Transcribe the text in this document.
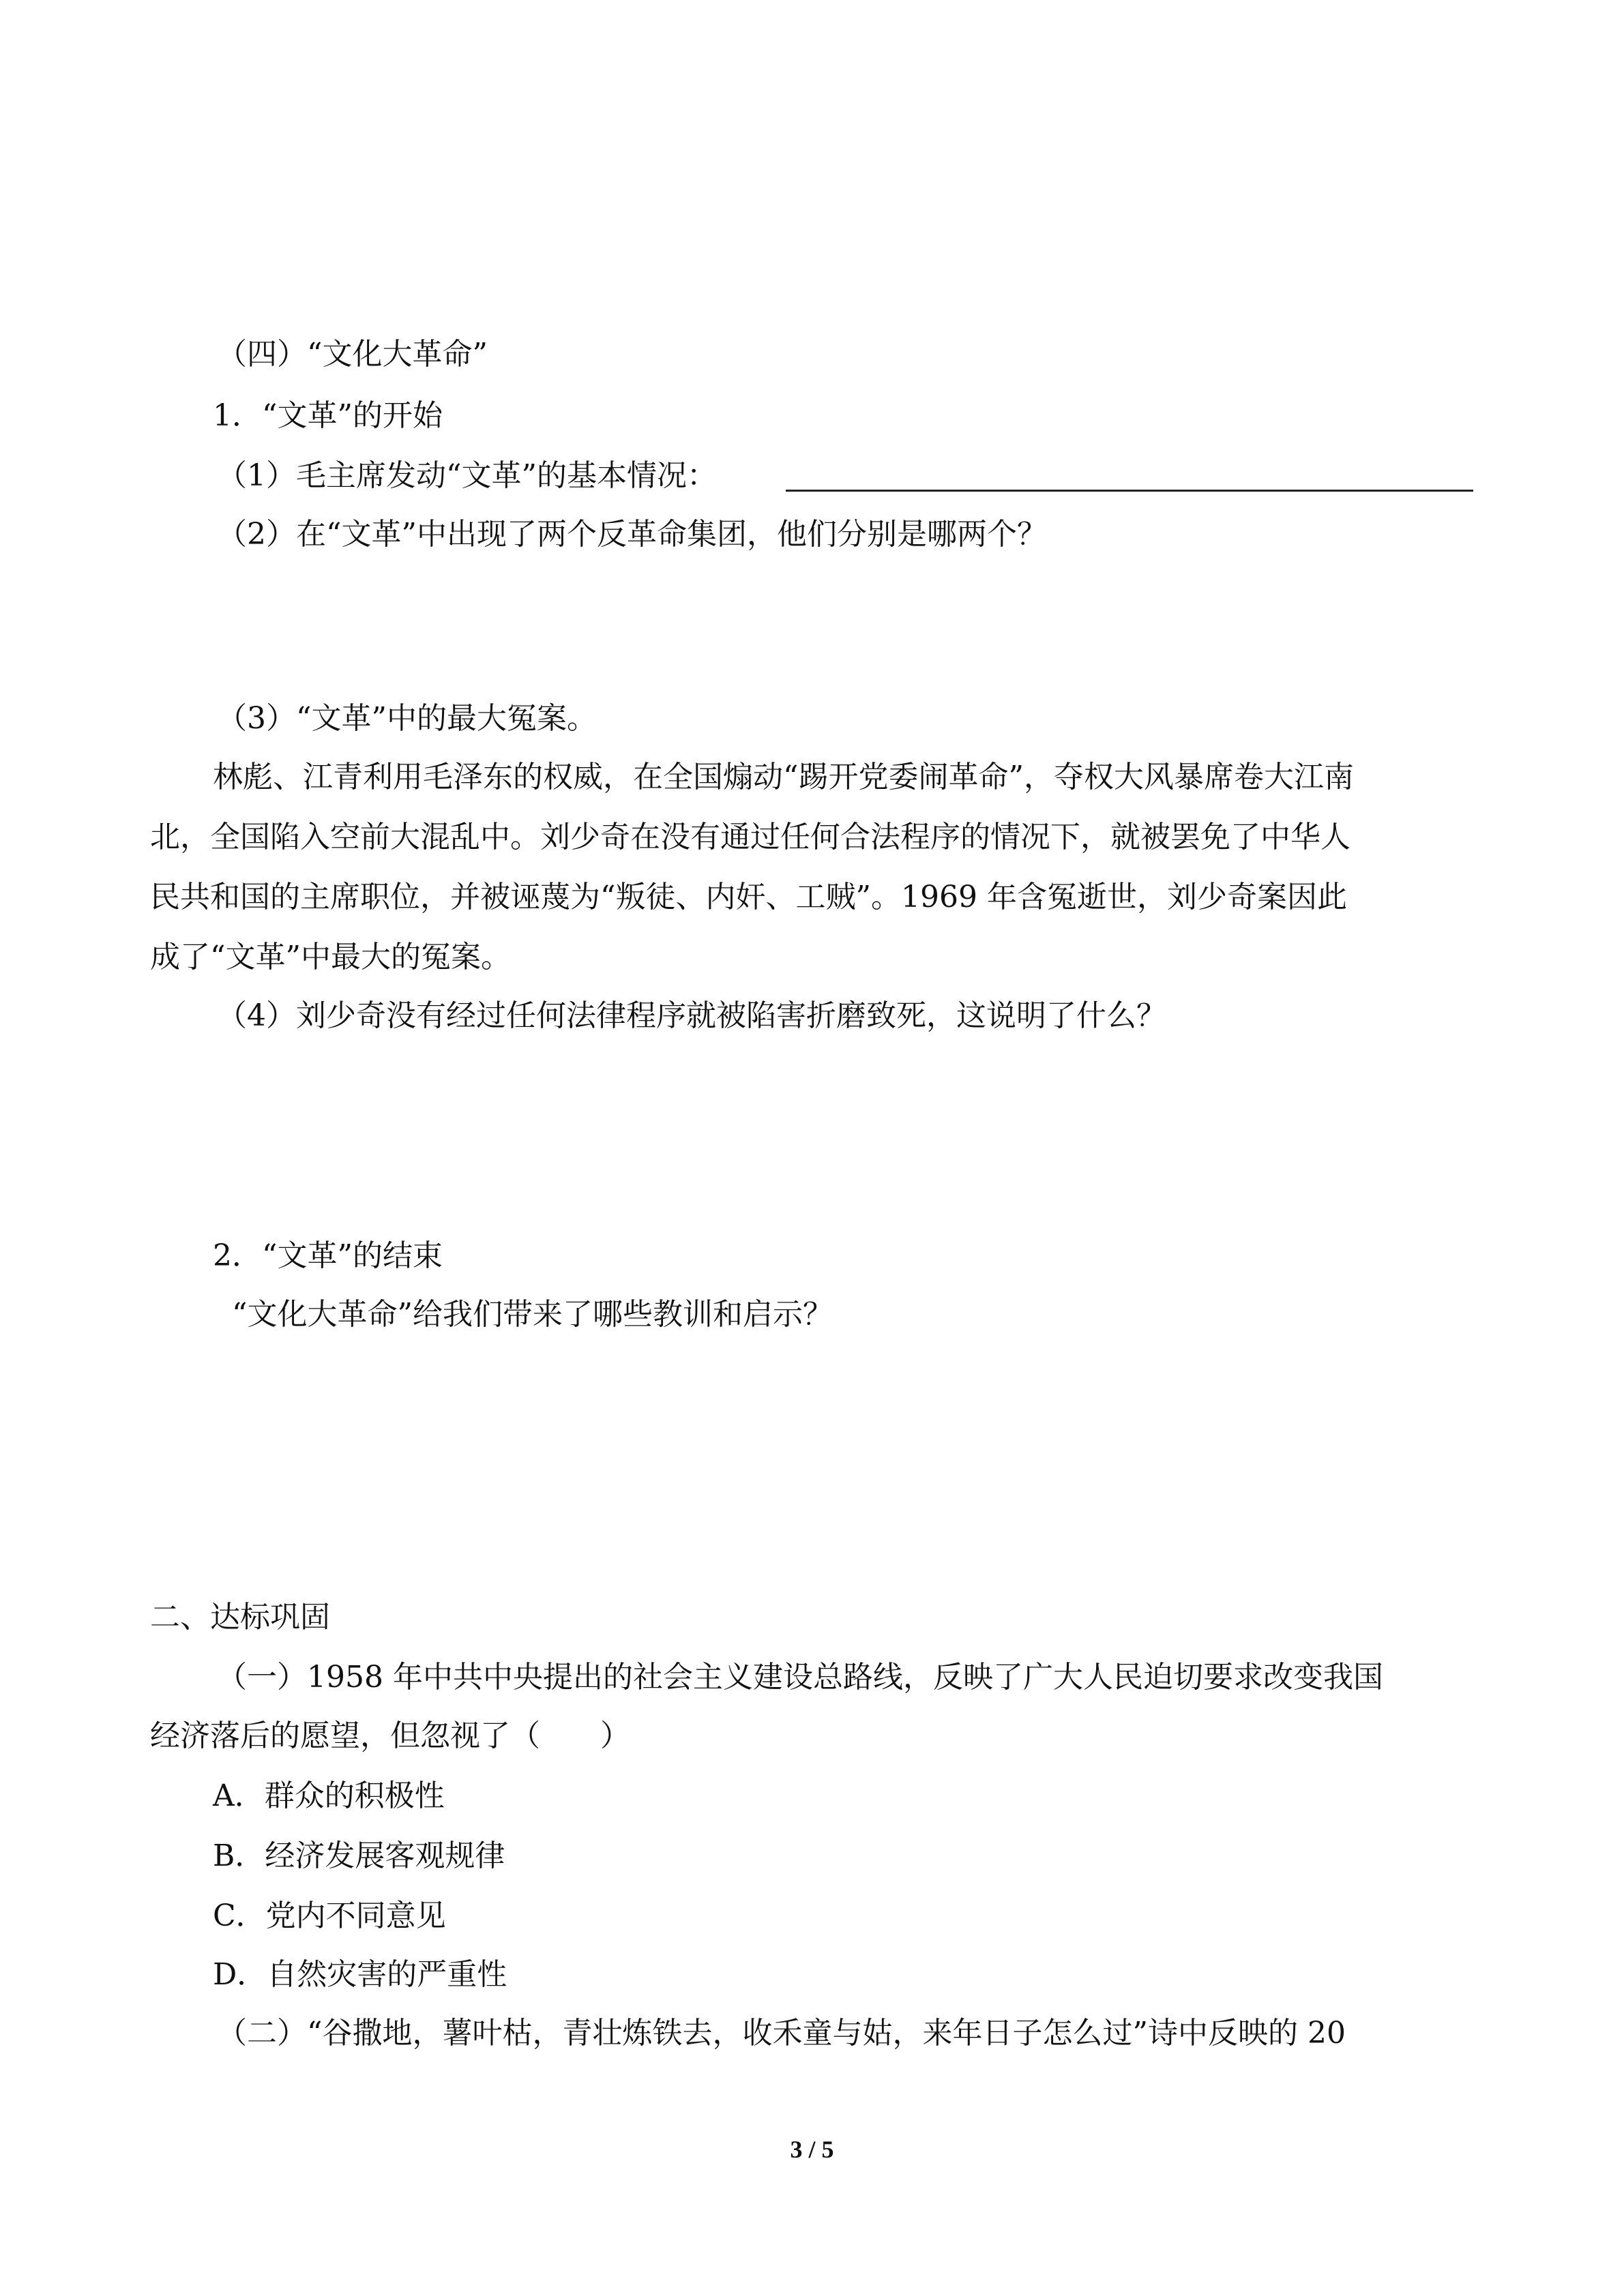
（四）“文化大革命”
1．“文革”的开始
（1）毛主席发动“文革”的基本情况：
（2）在“文革”中出现了两个反革命集团，他们分别是哪两个？
（3）“文革”中的最大冤案。
林彪、江青利用毛泽东的权威，在全国煽动“踢开党委闹革命”，夺权大风暴席卷大江南
北，全国陷入空前大混乱中。刘少奇在没有通过任何合法程序的情况下，就被罢免了中华人
民共和国的主席职位，并被诬蔑为“叛徒、内奸、工贼”。1969 年含冤逝世，刘少奇案因此
成了“文革”中最大的冤案。
（4）刘少奇没有经过任何法律程序就被陷害折磨致死，这说明了什么？
2．“文革”的结束
“文化大革命”给我们带来了哪些教训和启示？
二、达标巩固
（一）1958 年中共中央提出的社会主义建设总路线，反映了广大人民迫切要求改变我国
经济落后的愿望，但忽视了（　　）
A．群众的积极性
B．经济发展客观规律
C．党内不同意见
D．自然灾害的严重性
（二）“谷撒地，薯叶枯，青壮炼铁去，收禾童与姑，来年日子怎么过”诗中反映的 20
3 / 5
